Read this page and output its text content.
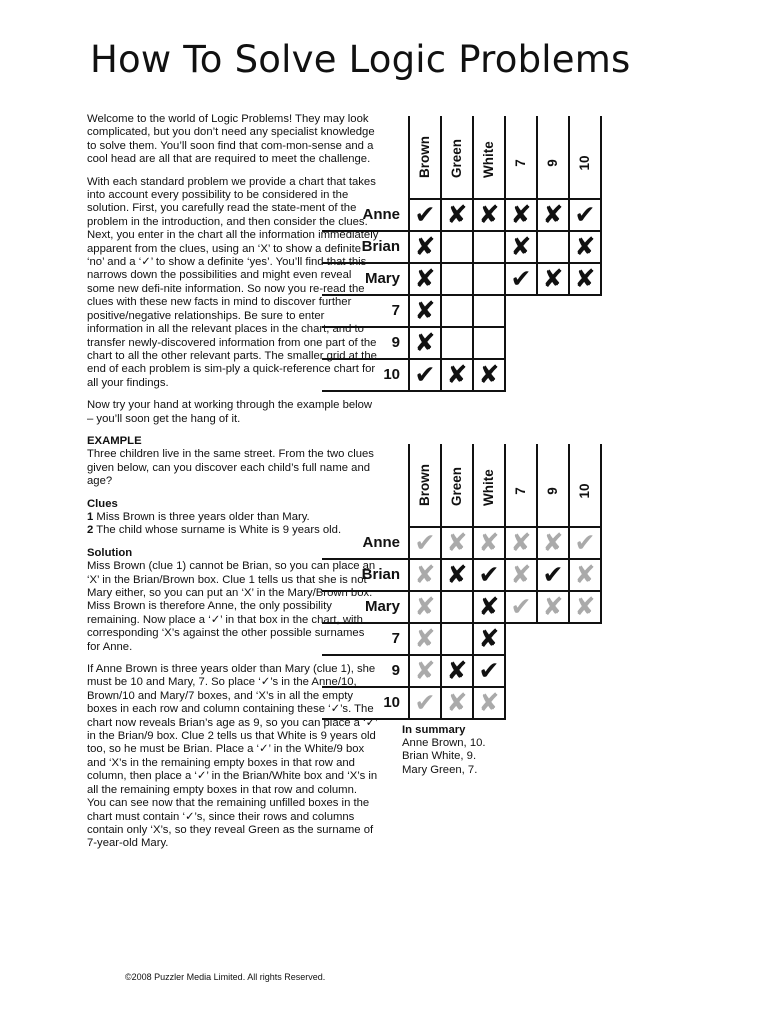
How To Solve Logic Problems

Welcome to the world of Logic Problems! They may look complicated, but you don’t need any specialist knowledge to solve them. You’ll soon find that com-mon-sense and a cool head are all that are required to meet the challenge.

With each standard problem we provide a chart that takes into account every possibility to be considered in the solution. First, you carefully read the state-ment of the problem in the introduction, and then consider the clues. Next, you enter in the chart all the information immediately apparent from the clues, using an ‘X’ to show a definite ‘no’ and a ‘✓’ to show a definite ‘yes’. You’ll find that this narrows down the possibilities and might even reveal some new defi-nite information. So now you re-read the clues with these new facts in mind to discover further positive/negative relationships. Be sure to enter information in all the relevant places in the chart, and to transfer newly-discovered information from one part of the chart to all the other relevant parts. The smaller grid at the end of each problem is sim-ply a quick-reference chart for all your findings.

Now try your hand at working through the example below – you’ll soon get the hang of it.

EXAMPLE

Three children live in the same street. From the two clues given below, can you discover each child’s full name and age?

Clues
1 Miss Brown is three years older than Mary.
2 The child whose surname is White is 9 years old.
Solution

Miss Brown (clue 1) cannot be Brian, so you can place an ‘X’ in the Brian/Brown box. Clue 1 tells us that she is not Mary either, so you can put an ‘X’ in the Mary/Brown box. Miss Brown is therefore Anne, the only possibility remaining. Now place a ‘✓’ in that box in the chart, with corresponding ‘X’s against the other possible surnames for Anne.

If Anne Brown is three years older than Mary (clue 1), she must be 10 and Mary, 7. So place ‘✓’s in the Anne/10, Brown/10 and Mary/7 boxes, and ‘X’s in all the empty boxes in each row and column containing these ‘✓’s. The chart now reveals Brian’s age as 9, so you can place a ‘✓’ in the Brian/9 box. Clue 2 tells us that White is 9 years old too, so he must be Brian. Place a ‘✓’ in the White/9 box and ‘X’s in the remaining empty boxes in that row and column, then place a ‘✓’ in the Brian/White box and ‘X’s in all the remaining empty boxes in that row and column.

You can see now that the remaining unfilled boxes in the chart must contain ‘✓’s, since their rows and columns contain only ‘X’s, so they reveal Green as the surname of 7-year-old Mary.

	Brown	Green	White	7	9	10
Anne	✔	✘	✘	✘	✘	✔
Brian	✘			✘		✘
Mary	✘			✔	✘	✘
7	✘					
9	✘					
10	✔	✘	✘			
	Brown	Green	White	7	9	10
Anne	✔	✘	✘	✘	✘	✔
Brian	✘	✘	✔	✘	✔	✘
Mary	✘		✘	✔	✘	✘
7	✘		✘			
9	✘	✘	✔			
10	✔	✘	✘			
In summary
Anne Brown, 10.
Brian White, 9.
Mary Green, 7.
©2008 Puzzler Media Limited. All rights Reserved.
